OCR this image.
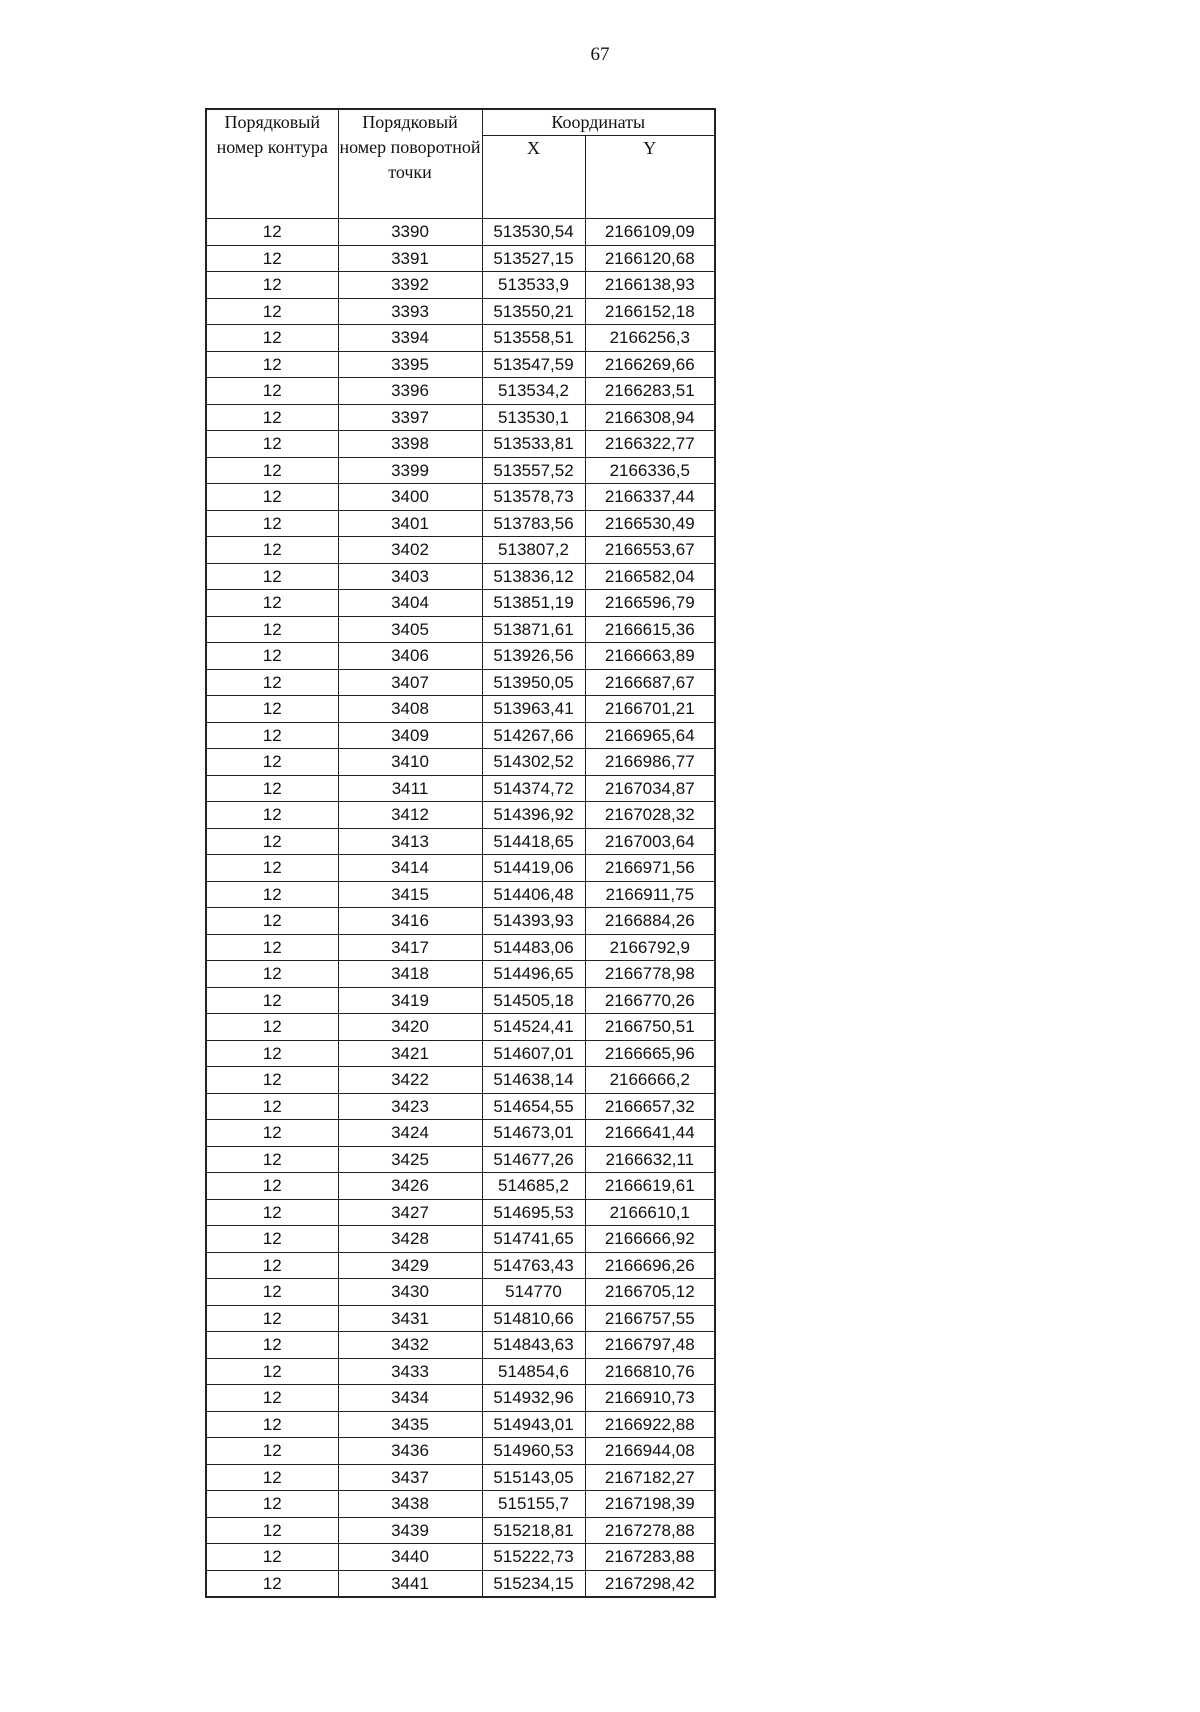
67
Порядковый номер контура	Порядковый номер поворотной точки	Координаты	
		X	Y
12	3390	513530,54	2166109,09
12	3391	513527,15	2166120,68
12	3392	513533,9	2166138,93
12	3393	513550,21	2166152,18
12	3394	513558,51	2166256,3
12	3395	513547,59	2166269,66
12	3396	513534,2	2166283,51
12	3397	513530,1	2166308,94
12	3398	513533,81	2166322,77
12	3399	513557,52	2166336,5
12	3400	513578,73	2166337,44
12	3401	513783,56	2166530,49
12	3402	513807,2	2166553,67
12	3403	513836,12	2166582,04
12	3404	513851,19	2166596,79
12	3405	513871,61	2166615,36
12	3406	513926,56	2166663,89
12	3407	513950,05	2166687,67
12	3408	513963,41	2166701,21
12	3409	514267,66	2166965,64
12	3410	514302,52	2166986,77
12	3411	514374,72	2167034,87
12	3412	514396,92	2167028,32
12	3413	514418,65	2167003,64
12	3414	514419,06	2166971,56
12	3415	514406,48	2166911,75
12	3416	514393,93	2166884,26
12	3417	514483,06	2166792,9
12	3418	514496,65	2166778,98
12	3419	514505,18	2166770,26
12	3420	514524,41	2166750,51
12	3421	514607,01	2166665,96
12	3422	514638,14	2166666,2
12	3423	514654,55	2166657,32
12	3424	514673,01	2166641,44
12	3425	514677,26	2166632,11
12	3426	514685,2	2166619,61
12	3427	514695,53	2166610,1
12	3428	514741,65	2166666,92
12	3429	514763,43	2166696,26
12	3430	514770	2166705,12
12	3431	514810,66	2166757,55
12	3432	514843,63	2166797,48
12	3433	514854,6	2166810,76
12	3434	514932,96	2166910,73
12	3435	514943,01	2166922,88
12	3436	514960,53	2166944,08
12	3437	515143,05	2167182,27
12	3438	515155,7	2167198,39
12	3439	515218,81	2167278,88
12	3440	515222,73	2167283,88
12	3441	515234,15	2167298,42
